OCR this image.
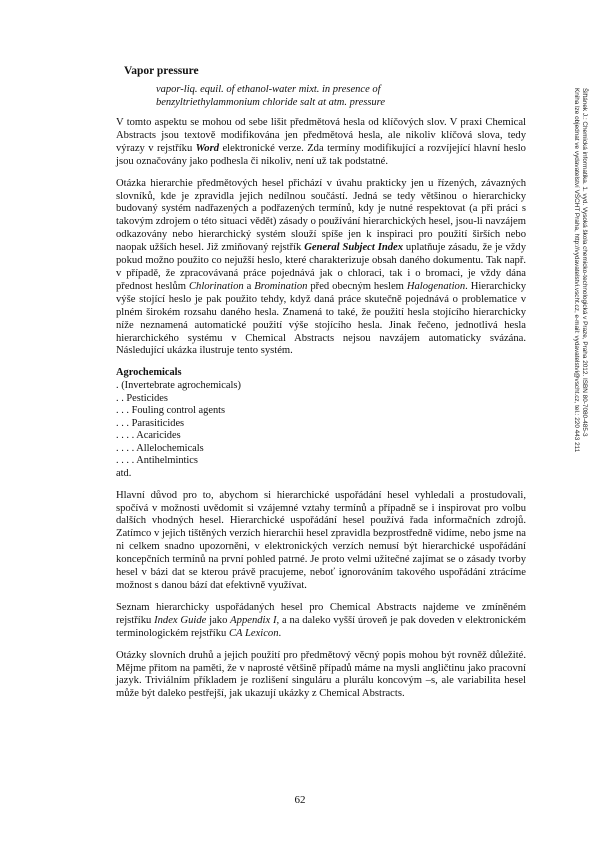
Vapor pressure
vapor-liq. equil. of ethanol-water mixt. in presence of
benzyltriethylammonium chloride salt at atm. pressure

V tomto aspektu se mohou od sebe lišit předmětová hesla od klíčových slov. V praxi Chemical Abstracts jsou textově modifikována jen předmětová hesla, ale nikoliv klíčová slova, tedy výrazy v rejstříku Word elektronické verze. Zda termíny modifikující a rozvíjející hlavní heslo jsou označovány jako podhesla či nikoliv, není už tak podstatné.

Otázka hierarchie předmětových hesel přichází v úvahu prakticky jen u řízených, závazných slovníků, kde je zpravidla jejich nedílnou součástí. Jedná se tedy většinou o hierarchicky budovaný systém nadřazených a podřazených termínů, kdy je nutné respektovat (a při práci s takovým zdrojem o této situaci vědět) zásady o používání hierarchických hesel, jsou-li navzájem odkazovány nebo hierarchický systém slouží spíše jen k inspiraci pro použití širších nebo naopak užších hesel. Již zmiňovaný rejstřík General Subject Index uplatňuje zásadu, že je vždy pokud možno použito co nejužší heslo, které charakterizuje obsah daného dokumentu. Tak např. v případě, že zpracovávaná práce pojednává jak o chloraci, tak i o bromaci, je vždy dána přednost heslům Chlorination a Bromination před obecným heslem Halogenation. Hierarchicky výše stojící heslo je pak použito tehdy, když daná práce skutečně pojednává o problematice v plném širokém rozsahu daného hesla. Znamená to také, že použití hesla stojícího hierarchicky níže neznamená automatické použití výše stojícího hesla. Jinak řečeno, jednotlivá hesla hierarchického systému v Chemical Abstracts nejsou navzájem automaticky svázána. Následující ukázka ilustruje tento systém.

Agrochemicals
. (Invertebrate agrochemicals)
. . Pesticides
. . . Fouling control agents
. . . Parasiticides
. . . . Acaricides
. . . . Allelochemicals
. . . . Antihelmintics
atd.

Hlavní důvod pro to, abychom si hierarchické uspořádání hesel vyhledali a prostudovali, spočívá v možnosti uvědomit si vzájemné vztahy termínů a případně se i inspirovat pro volbu dalších vhodných hesel. Hierarchické uspořádání hesel používá řada informačních zdrojů. Zatímco v jejich tištěných verzích hierarchii hesel zpravidla bezprostředně vidíme, nebo jsme na ni celkem snadno upozorněni, v elektronických verzích nemusí být hierarchické uspořádání koncepčních termínů na první pohled patrné. Je proto velmi užitečné zajímat se o zásady tvorby hesel v bázi dat se kterou právě pracujeme, neboť ignorováním takového uspořádání ztrácíme možnost s danou bází dat efektivně využívat.

Seznam hierarchicky uspořádaných hesel pro Chemical Abstracts najdeme ve zmíněném rejstříku Index Guide jako Appendix I, a na daleko vyšší úroveň je pak doveden v elektronickém terminologickém rejstříku CA Lexicon.

Otázky slovních druhů a jejich použití pro předmětový věcný popis mohou být rovněž důležité. Mějme přitom na paměti, že v naprosté většině případů máme na mysli angličtinu jako pracovní jazyk. Triviálním příkladem je rozlišení singuláru a plurálu koncovým –s, ale variabilita hesel může být daleko pestřejší, jak ukazují ukázky z Chemical Abstracts.

Šiftánek J.: Chemická informatika. 1. vyd. Vysoká škola chemicko-technologická v Praze, Praha 2012. ISBN 80-7080-485-3
Kniha lze objednat ve vydavatelství VŠCHT Praha, http://vydavatelstvi.vscht.cz, e-mail: vydavatelstvi@vscht.cz, tel.: 220 443 211
62
